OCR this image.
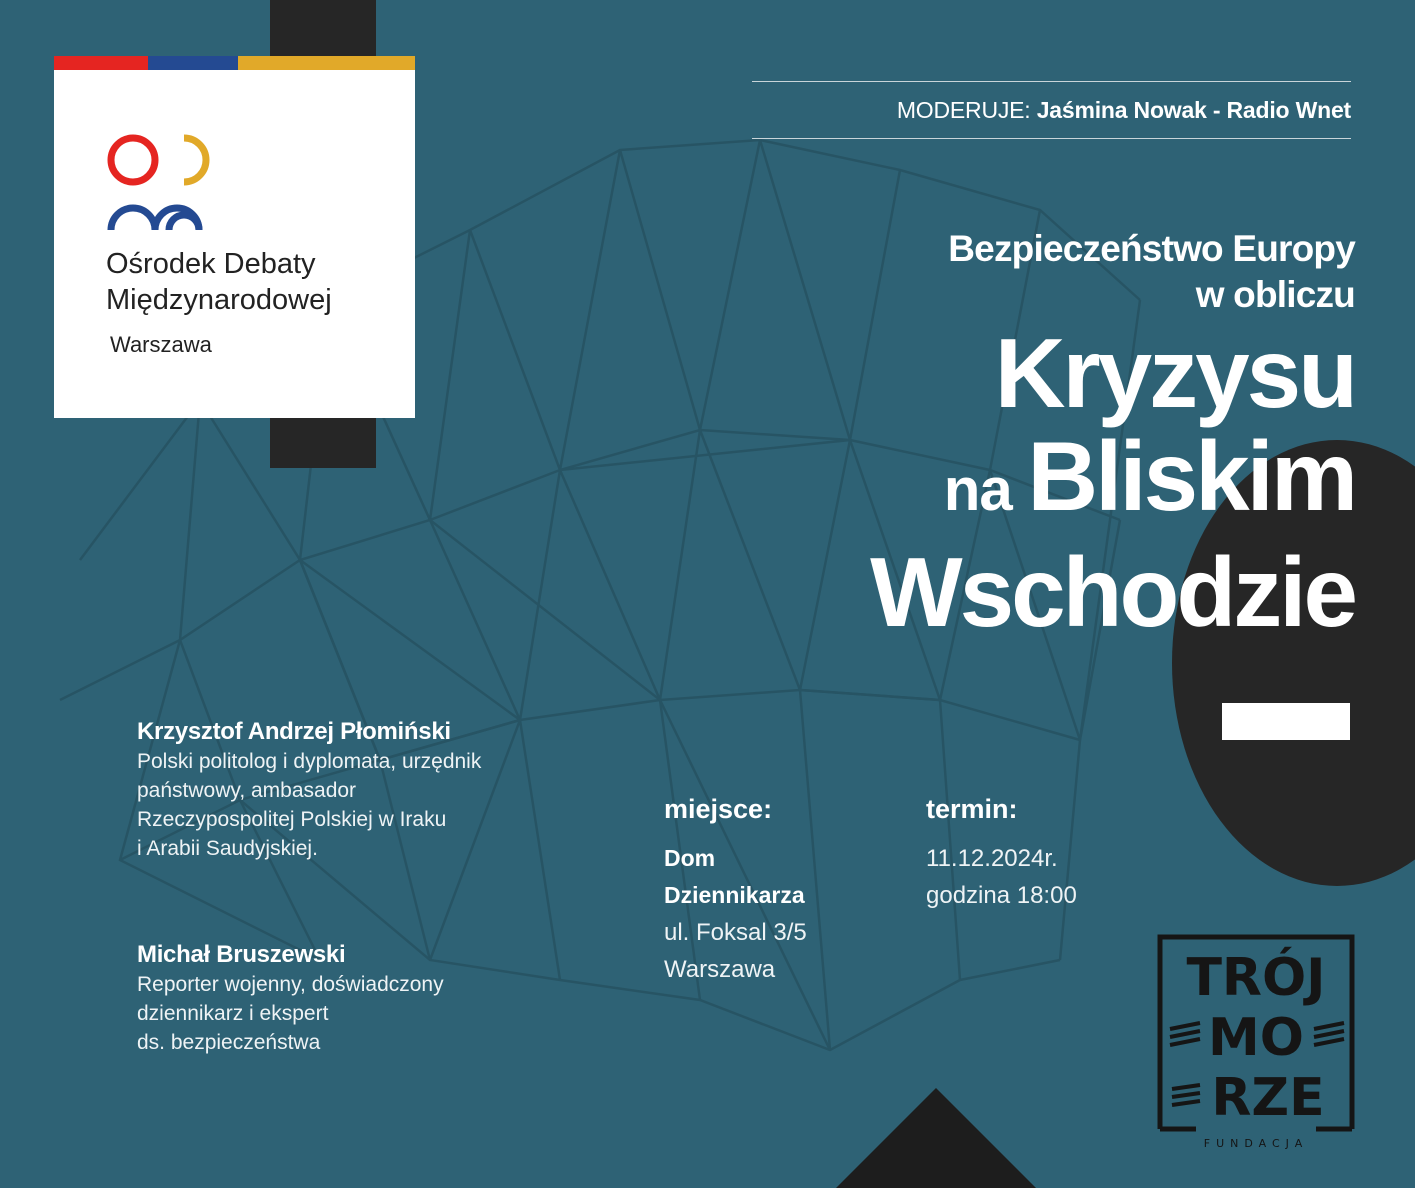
Ośrodek Debaty
Międzynarodowej
Warszawa
MODERUJE: Jaśmina Nowak - Radio Wnet
Bezpieczeństwo Europy
w obliczu
Kryzysu
na Bliskim
Wschodzie
Krzysztof Andrzej Płomiński
Polski politolog i dyplomata, urzędnik
państwowy, ambasador
Rzeczypospolitej Polskiej w Iraku
i Arabii Saudyjskiej.
Michał Bruszewski
Reporter wojenny, doświadczony
dziennikarz i ekspert
ds. bezpieczeństwa
miejsce:
Dom
Dziennikarza
ul. Foksal 3/5
Warszawa
termin:
11.12.2024r.
godzina 18:00
TRÓJ
MO
RZE
FUNDACJA
